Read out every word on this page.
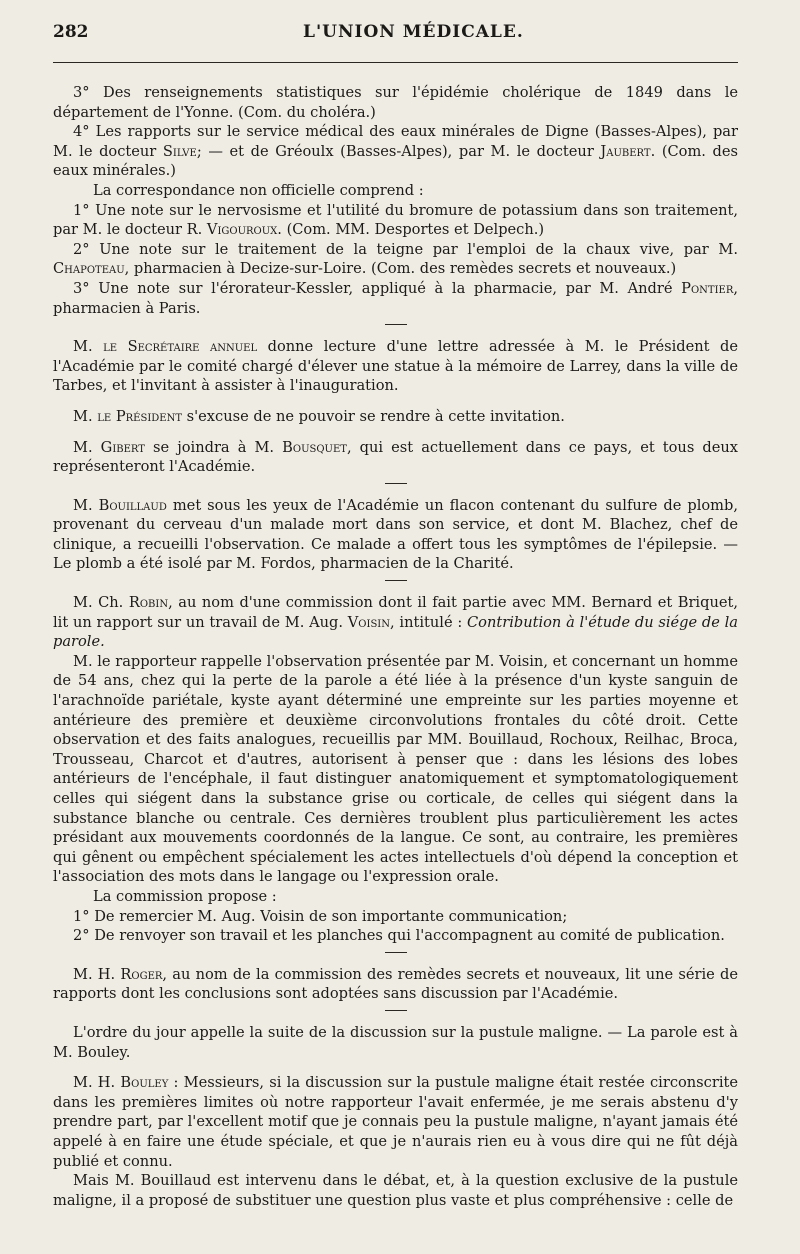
282	L'UNION MÉDICALE.

3° Des renseignements statistiques sur l'épidémie cholérique de 1849 dans le département de l'Yonne. (Com. du choléra.)

4° Les rapports sur le service médical des eaux minérales de Digne (Basses-Alpes), par M. le docteur Silve; — et de Gréoulx (Basses-Alpes), par M. le docteur Jaubert. (Com. des eaux minérales.)

La correspondance non officielle comprend :

1° Une note sur le nervosisme et l'utilité du bromure de potassium dans son traitement, par M. le docteur R. Vigouroux. (Com. MM. Desportes et Delpech.)

2° Une note sur le traitement de la teigne par l'emploi de la chaux vive, par M. Chapoteau, pharmacien à Decize-sur-Loire. (Com. des remèdes secrets et nouveaux.)

3° Une note sur l'érorateur-Kessler, appliqué à la pharmacie, par M. André Pontier, pharmacien à Paris.

M. le Secrétaire annuel donne lecture d'une lettre adressée à M. le Président de l'Académie par le comité chargé d'élever une statue à la mémoire de Larrey, dans la ville de Tarbes, et l'invitant à assister à l'inauguration.

M. le Président s'excuse de ne pouvoir se rendre à cette invitation.

M. Gibert se joindra à M. Bousquet, qui est actuellement dans ce pays, et tous deux représenteront l'Académie.

M. Bouillaud met sous les yeux de l'Académie un flacon contenant du sulfure de plomb, provenant du cerveau d'un malade mort dans son service, et dont M. Blachez, chef de clinique, a recueilli l'observation. Ce malade a offert tous les symptômes de l'épilepsie. — Le plomb a été isolé par M. Fordos, pharmacien de la Charité.

M. Ch. Robin, au nom d'une commission dont il fait partie avec MM. Bernard et Briquet, lit un rapport sur un travail de M. Aug. Voisin, intitulé : Contribution à l'étude du siége de la parole.

M. le rapporteur rappelle l'observation présentée par M. Voisin, et concernant un homme de 54 ans, chez qui la perte de la parole a été liée à la présence d'un kyste sanguin de l'arachnoïde pariétale, kyste ayant déterminé une empreinte sur les parties moyenne et antérieure des première et deuxième circonvolutions frontales du côté droit. Cette observation et des faits analogues, recueillis par MM. Bouillaud, Rochoux, Reilhac, Broca, Trousseau, Charcot et d'autres, autorisent à penser que : dans les lésions des lobes antérieurs de l'encéphale, il faut distinguer anatomiquement et symptomatologiquement celles qui siégent dans la substance grise ou corticale, de celles qui siégent dans la substance blanche ou centrale. Ces dernières troublent plus particulièrement les actes présidant aux mouvements coordonnés de la langue. Ce sont, au contraire, les premières qui gênent ou empêchent spécialement les actes intellectuels d'où dépend la conception et l'association des mots dans le langage ou l'expression orale.

La commission propose :

1° De remercier M. Aug. Voisin de son importante communication;

2° De renvoyer son travail et les planches qui l'accompagnent au comité de publication.

M. H. Roger, au nom de la commission des remèdes secrets et nouveaux, lit une série de rapports dont les conclusions sont adoptées sans discussion par l'Académie.

L'ordre du jour appelle la suite de la discussion sur la pustule maligne. — La parole est à M. Bouley.

M. H. Bouley : Messieurs, si la discussion sur la pustule maligne était restée circonscrite dans les premières limites où notre rapporteur l'avait enfermée, je me serais abstenu d'y prendre part, par l'excellent motif que je connais peu la pustule maligne, n'ayant jamais été appelé à en faire une étude spéciale, et que je n'aurais rien eu à vous dire qui ne fût déjà publié et connu.

Mais M. Bouillaud est intervenu dans le débat, et, à la question exclusive de la pustule maligne, il a proposé de substituer une question plus vaste et plus compréhensive : celle de
